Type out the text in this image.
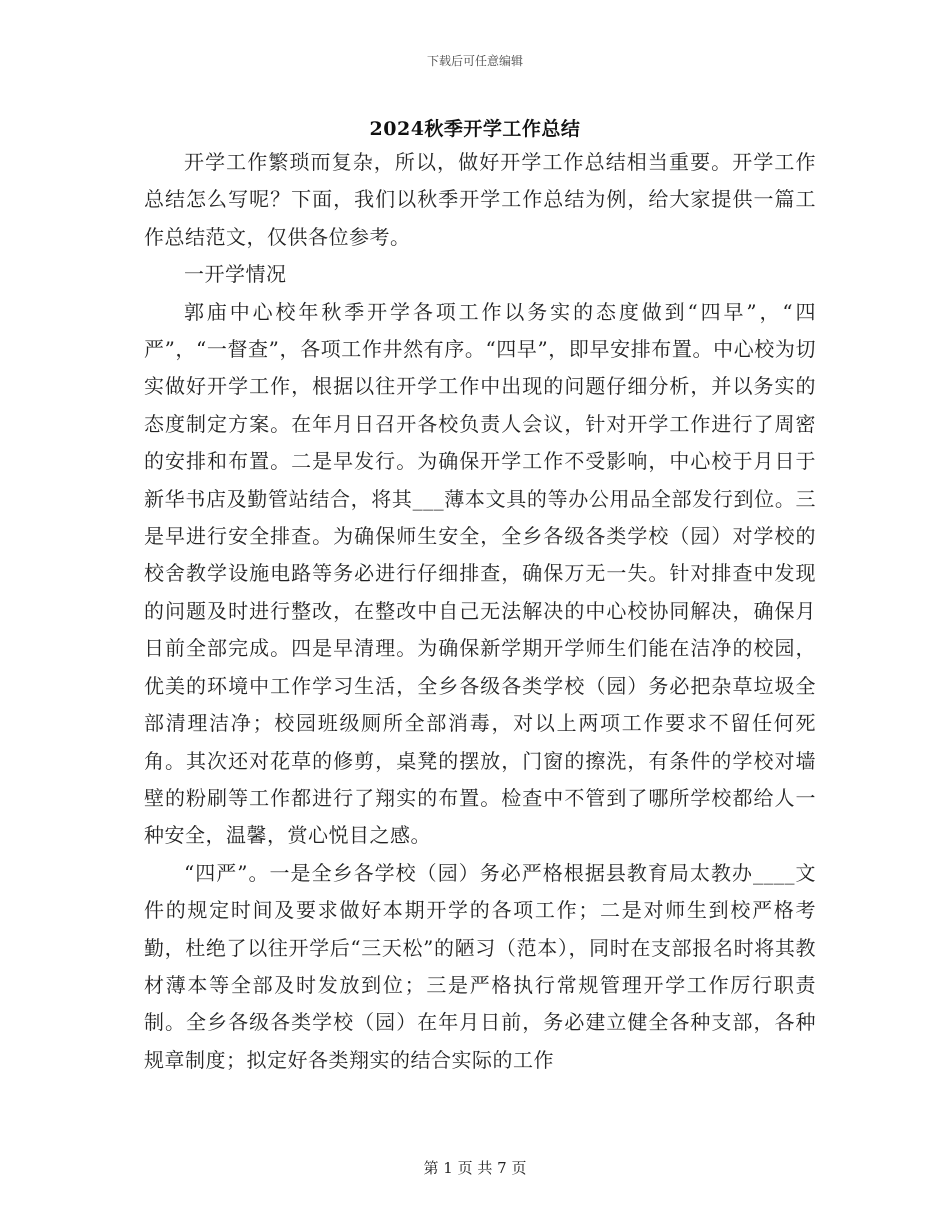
下载后可任意编辑
2024秋季开学工作总结

开学工作繁琐而复杂，所以，做好开学工作总结相当重要。开学工作总结怎么写呢？下面，我们以秋季开学工作总结为例，给大家提供一篇工作总结范文，仅供各位参考。

一开学情况

郭庙中心校年秋季开学各项工作以务实的态度做到“四早”，“四严”，“一督查”，各项工作井然有序。“四早”，即早安排布置。中心校为切实做好开学工作，根据以往开学工作中出现的问题仔细分析，并以务实的态度制定方案。在年月日召开各校负责人会议，针对开学工作进行了周密的安排和布置。二是早发行。为确保开学工作不受影响，中心校于月日于新华书店及勤管站结合，将其___薄本文具的等办公用品全部发行到位。三是早进行安全排查。为确保师生安全，全乡各级各类学校（园）对学校的校舍教学设施电路等务必进行仔细排查，确保万无一失。针对排查中发现的问题及时进行整改，在整改中自己无法解决的中心校协同解决，确保月日前全部完成。四是早清理。为确保新学期开学师生们能在洁净的校园，优美的环境中工作学习生活，全乡各级各类学校（园）务必把杂草垃圾全部清理洁净；校园班级厕所全部消毒，对以上两项工作要求不留任何死角。其次还对花草的修剪，桌凳的摆放，门窗的擦洗，有条件的学校对墙壁的粉刷等工作都进行了翔实的布置。检查中不管到了哪所学校都给人一种安全，温馨，赏心悦目之感。

“四严”。一是全乡各学校（园）务必严格根据县教育局太教办____文件的规定时间及要求做好本期开学的各项工作；二是对师生到校严格考勤，杜绝了以往开学后“三天松”的陋习（范本），同时在支部报名时将其教材薄本等全部及时发放到位；三是严格执行常规管理开学工作厉行职责制。全乡各级各类学校（园）在年月日前，务必建立健全各种支部，各种规章制度；拟定好各类翔实的结合实际的工作

第 1 页 共 7 页
